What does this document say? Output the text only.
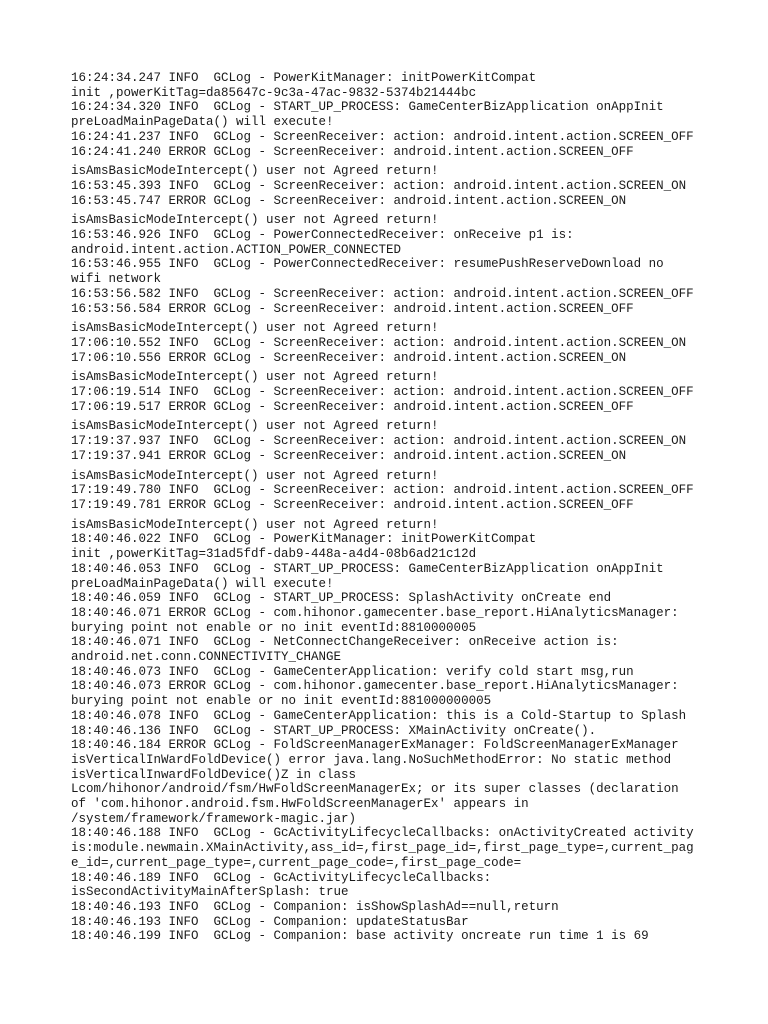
16:24:34.247 INFO  GCLog - PowerKitManager: initPowerKitCompat
init ,powerKitTag=da85647c-9c3a-47ac-9832-5374b21444bc

16:24:34.320 INFO  GCLog - START_UP_PROCESS: GameCenterBizApplication onAppInit
preLoadMainPageData() will execute!

16:24:41.237 INFO  GCLog - ScreenReceiver: action: android.intent.action.SCREEN_OFF

16:24:41.240 ERROR GCLog - ScreenReceiver: android.intent.action.SCREEN_OFF

isAmsBasicModeIntercept() user not Agreed return!

16:53:45.393 INFO  GCLog - ScreenReceiver: action: android.intent.action.SCREEN_ON

16:53:45.747 ERROR GCLog - ScreenReceiver: android.intent.action.SCREEN_ON

isAmsBasicModeIntercept() user not Agreed return!

16:53:46.926 INFO  GCLog - PowerConnectedReceiver: onReceive p1 is:
android.intent.action.ACTION_POWER_CONNECTED

16:53:46.955 INFO  GCLog - PowerConnectedReceiver: resumePushReserveDownload no
wifi network

16:53:56.582 INFO  GCLog - ScreenReceiver: action: android.intent.action.SCREEN_OFF

16:53:56.584 ERROR GCLog - ScreenReceiver: android.intent.action.SCREEN_OFF

isAmsBasicModeIntercept() user not Agreed return!

17:06:10.552 INFO  GCLog - ScreenReceiver: action: android.intent.action.SCREEN_ON

17:06:10.556 ERROR GCLog - ScreenReceiver: android.intent.action.SCREEN_ON

isAmsBasicModeIntercept() user not Agreed return!

17:06:19.514 INFO  GCLog - ScreenReceiver: action: android.intent.action.SCREEN_OFF

17:06:19.517 ERROR GCLog - ScreenReceiver: android.intent.action.SCREEN_OFF

isAmsBasicModeIntercept() user not Agreed return!

17:19:37.937 INFO  GCLog - ScreenReceiver: action: android.intent.action.SCREEN_ON

17:19:37.941 ERROR GCLog - ScreenReceiver: android.intent.action.SCREEN_ON

isAmsBasicModeIntercept() user not Agreed return!

17:19:49.780 INFO  GCLog - ScreenReceiver: action: android.intent.action.SCREEN_OFF

17:19:49.781 ERROR GCLog - ScreenReceiver: android.intent.action.SCREEN_OFF

isAmsBasicModeIntercept() user not Agreed return!

18:40:46.022 INFO  GCLog - PowerKitManager: initPowerKitCompat
init ,powerKitTag=31ad5fdf-dab9-448a-a4d4-08b6ad21c12d

18:40:46.053 INFO  GCLog - START_UP_PROCESS: GameCenterBizApplication onAppInit
preLoadMainPageData() will execute!

18:40:46.059 INFO  GCLog - START_UP_PROCESS: SplashActivity onCreate end

18:40:46.071 ERROR GCLog - com.hihonor.gamecenter.base_report.HiAnalyticsManager:
burying point not enable or no init eventId:8810000005

18:40:46.071 INFO  GCLog - NetConnectChangeReceiver: onReceive action is:
android.net.conn.CONNECTIVITY_CHANGE

18:40:46.073 INFO  GCLog - GameCenterApplication: verify cold start msg,run

18:40:46.073 ERROR GCLog - com.hihonor.gamecenter.base_report.HiAnalyticsManager:
burying point not enable or no init eventId:881000000005

18:40:46.078 INFO  GCLog - GameCenterApplication: this is a Cold-Startup to Splash

18:40:46.136 INFO  GCLog - START_UP_PROCESS: XMainActivity onCreate().

18:40:46.184 ERROR GCLog - FoldScreenManagerExManager: FoldScreenManagerExManager
isVerticalInWardFoldDevice() error java.lang.NoSuchMethodError: No static method
isVerticalInwardFoldDevice()Z in class
Lcom/hihonor/android/fsm/HwFoldScreenManagerEx; or its super classes (declaration
of 'com.hihonor.android.fsm.HwFoldScreenManagerEx' appears in
/system/framework/framework-magic.jar)

18:40:46.188 INFO  GCLog - GcActivityLifecycleCallbacks: onActivityCreated activity
is:module.newmain.XMainActivity,ass_id=,first_page_id=,first_page_type=,current_pag
e_id=,current_page_type=,current_page_code=,first_page_code=

18:40:46.189 INFO  GCLog - GcActivityLifecycleCallbacks:
isSecondActivityMainAfterSplash: true

18:40:46.193 INFO  GCLog - Companion: isShowSplashAd==null,return

18:40:46.193 INFO  GCLog - Companion: updateStatusBar

18:40:46.199 INFO  GCLog - Companion: base activity oncreate run time 1 is 69
